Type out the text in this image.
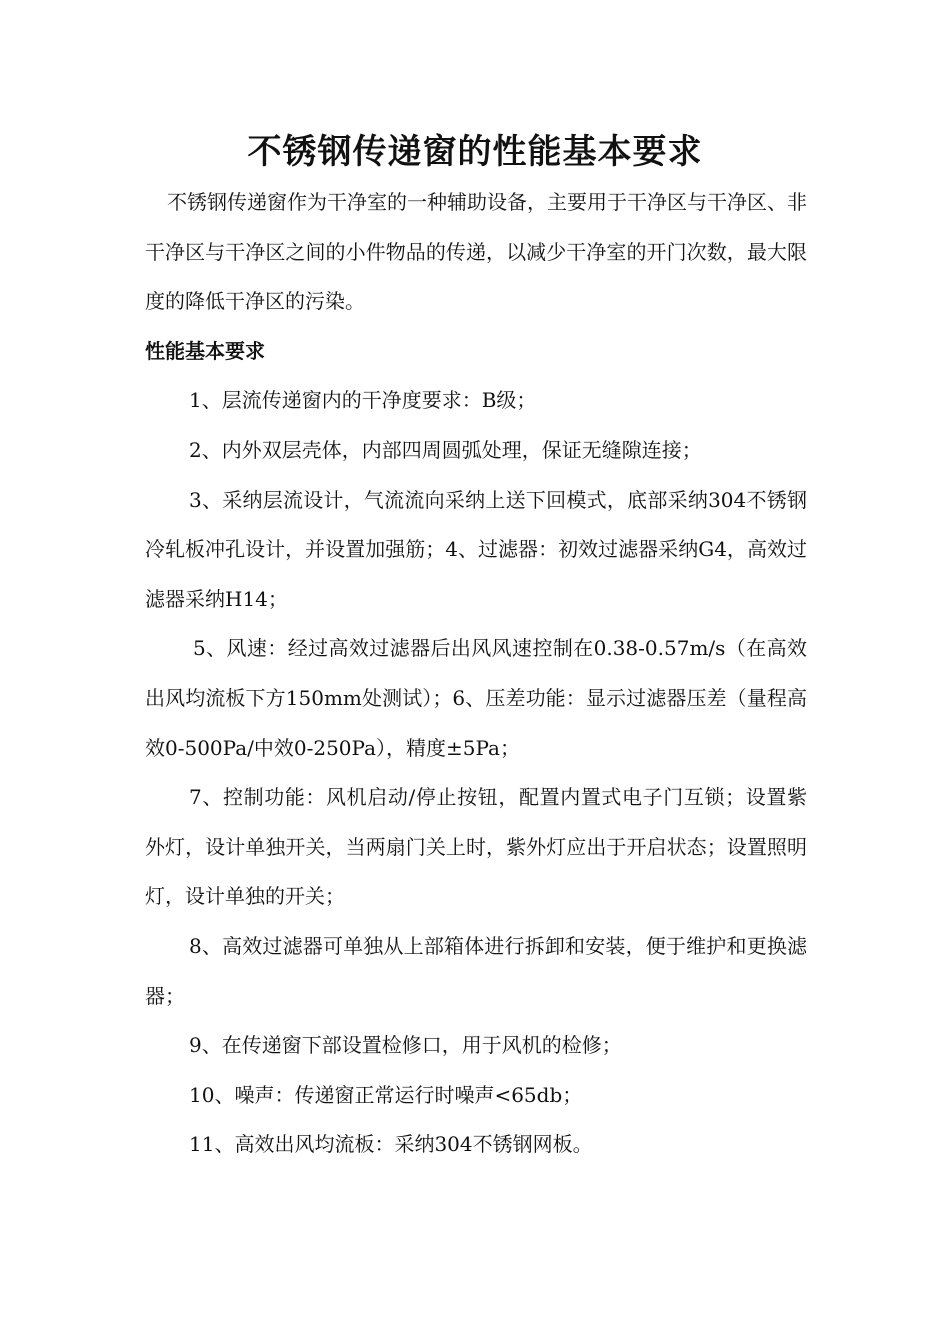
不锈钢传递窗的性能基本要求

不锈钢传递窗作为干净室的一种辅助设备，主要用于干净区与干净区、非干净区与干净区之间的小件物品的传递，以减少干净室的开门次数，最大限度的降低干净区的污染。

性能基本要求

1、层流传递窗内的干净度要求：B级；

2、内外双层壳体，内部四周圆弧处理，保证无缝隙连接；

3、采纳层流设计，气流流向采纳上送下回模式，底部采纳304不锈钢冷轧板冲孔设计，并设置加强筋；4、过滤器：初效过滤器采纳G4，高效过滤器采纳H14；

5、风速：经过高效过滤器后出风风速控制在0.38-0.57m/s（在高效出风均流板下方150mm处测试）；6、压差功能：显示过滤器压差（量程高效0-500Pa/中效0-250Pa），精度±5Pa；

7、控制功能：风机启动/停止按钮，配置内置式电子门互锁；设置紫外灯，设计单独开关，当两扇门关上时，紫外灯应出于开启状态；设置照明灯，设计单独的开关；

8、高效过滤器可单独从上部箱体进行拆卸和安装，便于维护和更换滤器；

9、在传递窗下部设置检修口，用于风机的检修；

10、噪声：传递窗正常运行时噪声<65db；

11、高效出风均流板：采纳304不锈钢网板。
